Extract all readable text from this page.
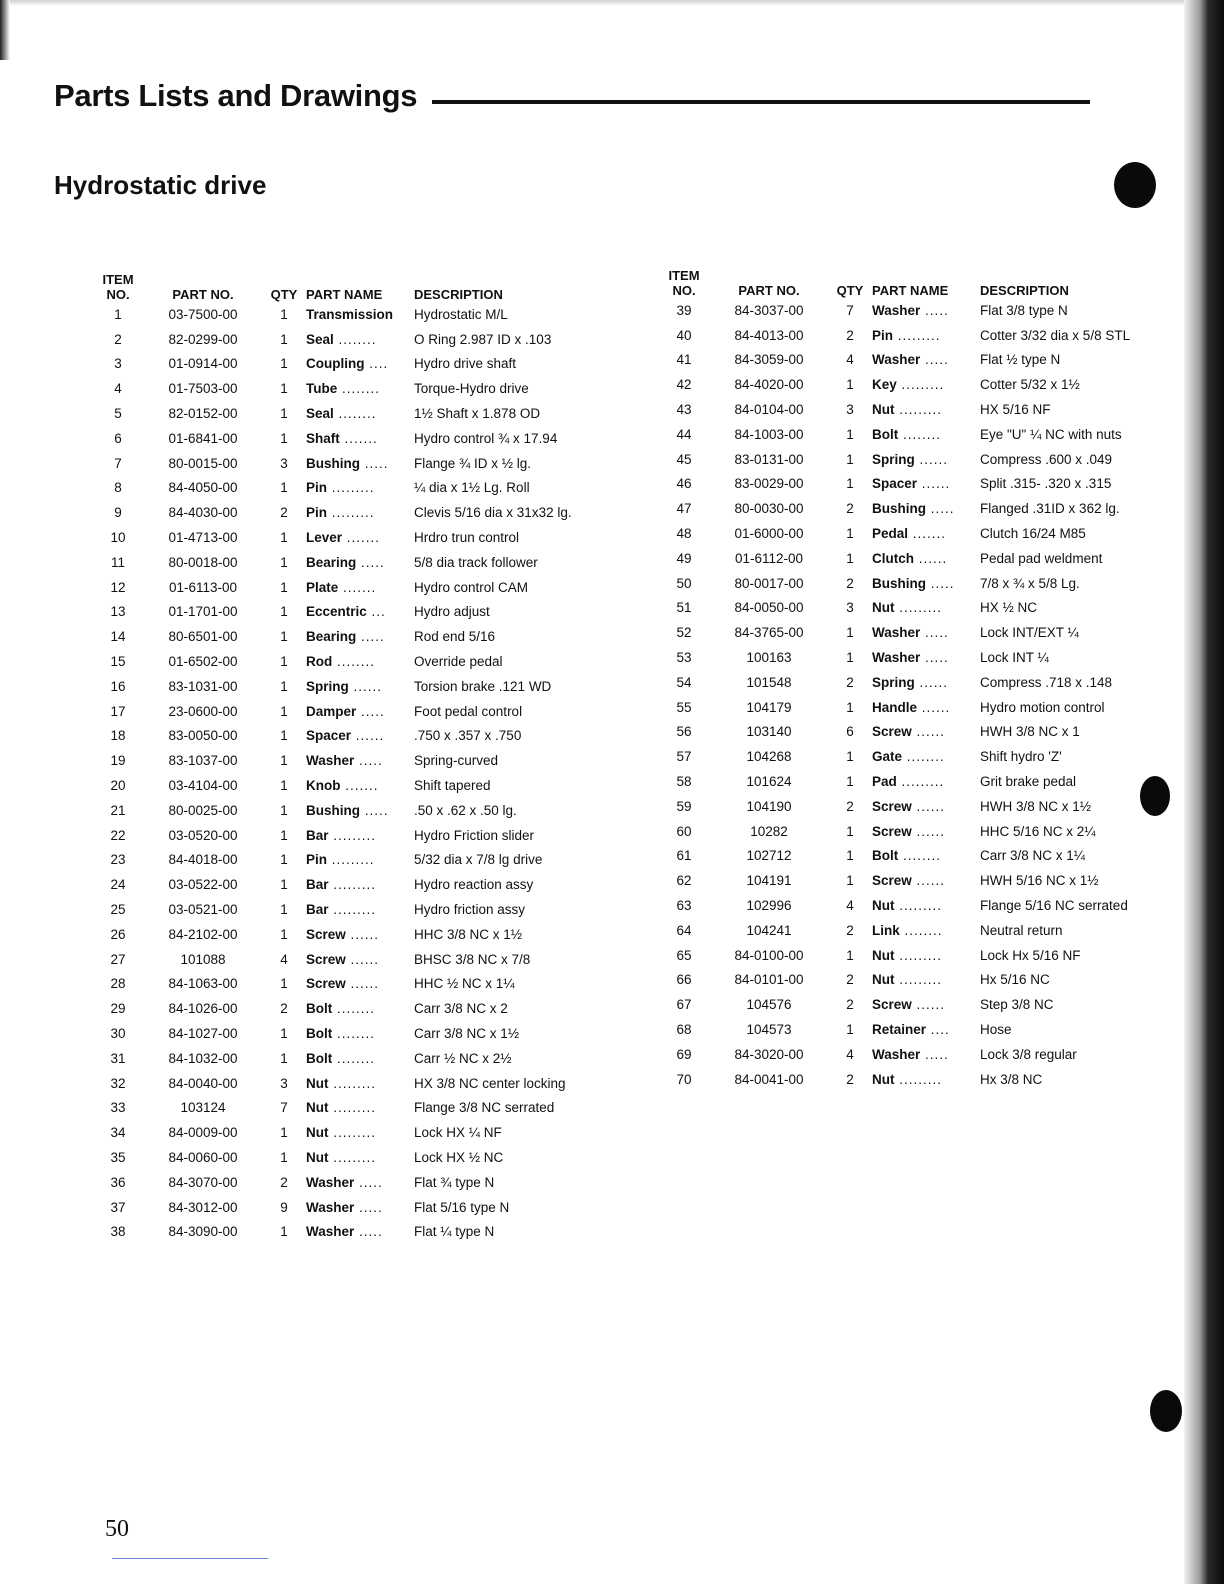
Parts Lists and Drawings
Hydrostatic drive
ITEM NO.	PART NO.	QTY	PART NAME	DESCRIPTION
1	03-7500-00	1	Transmission	Hydrostatic M/L
2	82-0299-00	1	Seal ........	O Ring 2.987 ID x .103
3	01-0914-00	1	Coupling ....	Hydro drive shaft
4	01-7503-00	1	Tube ........	Torque-Hydro drive
5	82-0152-00	1	Seal ........	1½ Shaft x 1.878 OD
6	01-6841-00	1	Shaft .......	Hydro control ¾ x 17.94
7	80-0015-00	3	Bushing .....	Flange ¾ ID x ½ lg.
8	84-4050-00	1	Pin .........	¼ dia x 1½ Lg. Roll
9	84-4030-00	2	Pin .........	Clevis 5/16 dia x 31x32 lg.
10	01-4713-00	1	Lever .......	Hrdro trun control
11	80-0018-00	1	Bearing .....	5/8 dia track follower
12	01-6113-00	1	Plate .......	Hydro control CAM
13	01-1701-00	1	Eccentric ...	Hydro adjust
14	80-6501-00	1	Bearing .....	Rod end 5/16
15	01-6502-00	1	Rod ........	Override pedal
16	83-1031-00	1	Spring ......	Torsion brake .121 WD
17	23-0600-00	1	Damper .....	Foot pedal control
18	83-0050-00	1	Spacer ......	.750 x .357 x .750
19	83-1037-00	1	Washer .....	Spring-curved
20	03-4104-00	1	Knob .......	Shift tapered
21	80-0025-00	1	Bushing .....	.50 x .62 x .50 lg.
22	03-0520-00	1	Bar .........	Hydro Friction slider
23	84-4018-00	1	Pin .........	5/32 dia x 7/8 lg drive
24	03-0522-00	1	Bar .........	Hydro reaction assy
25	03-0521-00	1	Bar .........	Hydro friction assy
26	84-2102-00	1	Screw ......	HHC 3/8 NC x 1½
27	101088	4	Screw ......	BHSC 3/8 NC x 7/8
28	84-1063-00	1	Screw ......	HHC ½ NC x 1¼
29	84-1026-00	2	Bolt ........	Carr 3/8 NC x 2
30	84-1027-00	1	Bolt ........	Carr 3/8 NC x 1½
31	84-1032-00	1	Bolt ........	Carr ½ NC x 2½
32	84-0040-00	3	Nut .........	HX 3/8 NC center locking
33	103124	7	Nut .........	Flange 3/8 NC serrated
34	84-0009-00	1	Nut .........	Lock HX ¼ NF
35	84-0060-00	1	Nut .........	Lock HX ½ NC
36	84-3070-00	2	Washer .....	Flat ¾ type N
37	84-3012-00	9	Washer .....	Flat 5/16 type N
38	84-3090-00	1	Washer .....	Flat ¼ type N
ITEM NO.	PART NO.	QTY	PART NAME	DESCRIPTION
39	84-3037-00	7	Washer .....	Flat 3/8 type N
40	84-4013-00	2	Pin .........	Cotter 3/32 dia x 5/8 STL
41	84-3059-00	4	Washer .....	Flat ½ type N
42	84-4020-00	1	Key .........	Cotter 5/32 x 1½
43	84-0104-00	3	Nut .........	HX 5/16 NF
44	84-1003-00	1	Bolt ........	Eye "U" ¼ NC with nuts
45	83-0131-00	1	Spring ......	Compress .600 x .049
46	83-0029-00	1	Spacer ......	Split .315- .320 x .315
47	80-0030-00	2	Bushing .....	Flanged .31ID x 362 lg.
48	01-6000-00	1	Pedal .......	Clutch 16/24 M85
49	01-6112-00	1	Clutch ......	Pedal pad weldment
50	80-0017-00	2	Bushing .....	7/8 x ¾ x 5/8 Lg.
51	84-0050-00	3	Nut .........	HX ½ NC
52	84-3765-00	1	Washer .....	Lock INT/EXT ¼
53	100163	1	Washer .....	Lock INT ¼
54	101548	2	Spring ......	Compress .718 x .148
55	104179	1	Handle ......	Hydro motion control
56	103140	6	Screw ......	HWH 3/8 NC x 1
57	104268	1	Gate ........	Shift hydro 'Z'
58	101624	1	Pad .........	Grit brake pedal
59	104190	2	Screw ......	HWH 3/8 NC x 1½
60	10282	1	Screw ......	HHC 5/16 NC x 2¼
61	102712	1	Bolt ........	Carr 3/8 NC x 1¼
62	104191	1	Screw ......	HWH 5/16 NC x 1½
63	102996	4	Nut .........	Flange 5/16 NC serrated
64	104241	2	Link ........	Neutral return
65	84-0100-00	1	Nut .........	Lock Hx 5/16 NF
66	84-0101-00	2	Nut .........	Hx 5/16 NC
67	104576	2	Screw ......	Step 3/8 NC
68	104573	1	Retainer ....	Hose
69	84-3020-00	4	Washer .....	Lock 3/8 regular
70	84-0041-00	2	Nut .........	Hx 3/8 NC
50
